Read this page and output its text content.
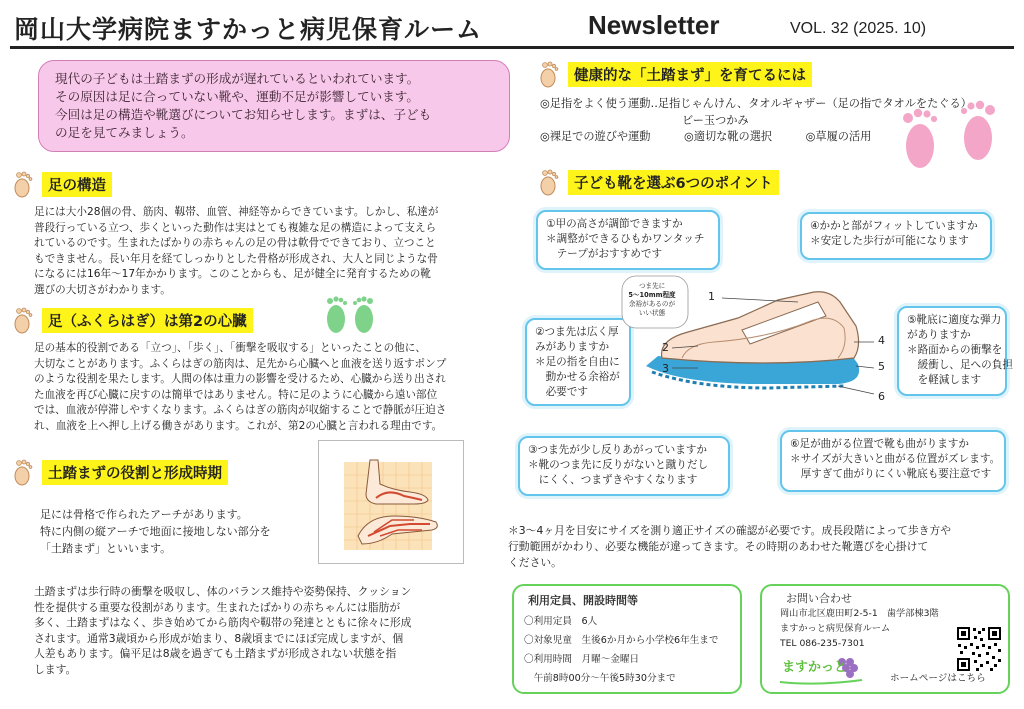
岡山大学病院ますかっと病児保育ルーム	Newsletter	VOL. 32 (2025. 10)

現代の子どもは土踏まずの形成が遅れているといわれています。

その原因は足に合っていない靴や、運動不足が影響しています。

今回は足の構造や靴選びについてお知らせします。まずは、子ども

の足を見てみましょう。

足の構造

足には大小28個の骨、筋肉、靱帯、血管、神経等からできています。しかし、私達が

普段行っている立つ、歩くといった動作は実はとても複雑な足の構造によって支えら

れているのです。生まれたばかりの赤ちゃんの足の骨は軟骨でできており、立つこと

もできません。長い年月を経てしっかりとした骨格が形成され、大人と同じような骨

になるには16年～17年かかります。このことからも、足が健全に発育するための靴

選びの大切さがわかります。

足（ふくらはぎ）は第2の心臓

足の基本的役割である「立つ」、「歩く」、「衝撃を吸収する」といったことの他に、

大切なことがあります。ふくらはぎの筋肉は、足先から心臓へと血液を送り返すポンプ

のような役割を果たします。人間の体は重力の影響を受けるため、心臓から送り出され

た血液を再び心臓に戻すのは簡単ではありません。特に足のように心臓から遠い部位

では、血液が停滞しやすくなります。ふくらはぎの筋肉が収縮することで静脈が圧迫さ

れ、血液を上へ押し上げる働きがあります。これが、第2の心臓と言われる理由です。

土踏まずの役割と形成時期

足には骨格で作られたアーチがあります。

特に内側の縦アーチで地面に接地しない部分を

「土踏まず」といいます。

土踏まずは歩行時の衝撃を吸収し、体のバランス維持や姿勢保持、クッション

性を提供する重要な役割があります。生まれたばかりの赤ちゃんには脂肪が

多く、土踏まずはなく、歩き始めてから筋肉や靱帯の発達とともに徐々に形成

されます。通常3歳頃から形成が始まり、8歳頃までにほぼ完成しますが、個

人差もあります。偏平足は8歳を過ぎても土踏まずが形成されない状態を指

します。

健康的な「土踏まず」を育てるには

◎足指をよく使う運動‥足指じゃんけん、タオルギャザー（足の指でタオルをたぐる）

ビー玉つかみ

◎裸足での遊びや運動　　　◎適切な靴の選択　　　◎草履の活用

子ども靴を選ぶ6つのポイント

①甲の高さが調節できますか

＊調整ができるひもかワンタッチ

　テープがおすすめです

④かかと部がフィットしていますか

＊安定した歩行が可能になります

②つま先は広く厚

みがありますか

＊足の指を自由に

　動かせる余裕が

　必要です

⑤靴底に適度な弾力

がありますか

＊路面からの衝撃を

　緩衝し、足への負担

　を軽減します

③つま先が少し反りあがっていますか

＊靴のつま先に反りがないと蹴りだし

　にくく、つまずきやすくなります

⑥足が曲がる位置で靴も曲がりますか

＊サイズが大きいと曲がる位置がズレます。

　厚すぎて曲がりにくい靴底も要注意です

つま先に

5～10mm程度

余裕があるのが

いい状態

1
2
3
4
5
6

＊3～4ヶ月を目安にサイズを測り適正サイズの確認が必要です。成長段階によって歩き方や

行動範囲がかわり、必要な機能が違ってきます。その時期のあわせた靴選びを心掛けて

ください。

利用定員、開設時間等

〇利用定員　6人

〇対象児童　生後6か月から小学校6年生まで

〇利用時間　月曜～金曜日

　午前8時00分～午後5時30分まで

お問い合わせ

岡山市北区鹿田町2-5-1　歯学部棟3階

ますかっと病児保育ルーム

TEL 086-235-7301

ますかっと
ホームページはこちら
